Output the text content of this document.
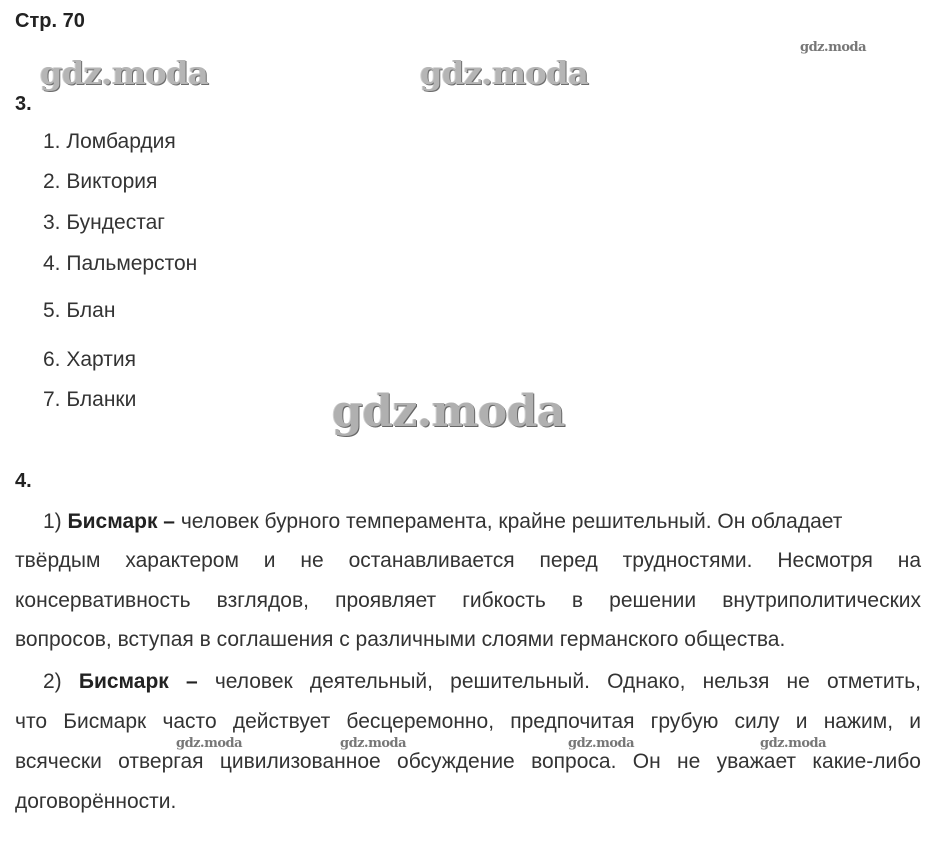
Стр. 70
gdz.moda	gdz.moda
gdz.moda
gdz.moda
3.
1. Ломбардия
2. Виктория
3. Бундестаг
4. Пальмерстон
5. Блан
6. Хартия
7. Бланки
4.
1) Бисмарк – человек бурного темперамента, крайне решительный. Он обладает
твёрдым характером и не останавливается перед трудностями. Несмотря на
консервативность взглядов, проявляет гибкость в решении внутриполитических
вопросов, вступая в соглашения с различными слоями германского общества.
2) Бисмарк – человек деятельный, решительный. Однако, нельзя не отметить,
что Бисмарк часто действует бесцеремонно, предпочитая грубую силу и нажим, и
всячески отвергая цивилизованное обсуждение вопроса. Он не уважает какие-либо
договорённости.
gdz.moda	gdz.moda	gdz.moda	gdz.moda
